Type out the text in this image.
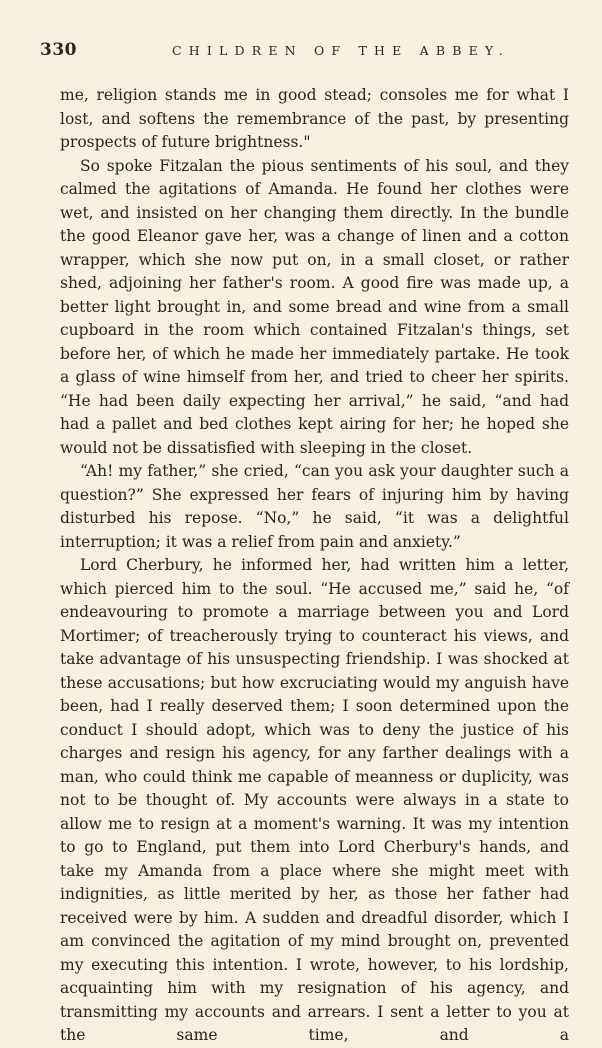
330	CHILDREN OF THE ABBEY.

me, religion stands me in good stead; consoles me for what I lost, and softens the remembrance of the past, by presenting prospects of future brightness."

So spoke Fitzalan the pious sentiments of his soul, and they calmed the agitations of Amanda. He found her clothes were wet, and insisted on her changing them directly. In the bundle the good Eleanor gave her, was a change of linen and a cotton wrapper, which she now put on, in a small closet, or rather shed, adjoining her father's room. A good fire was made up, a better light brought in, and some bread and wine from a small cupboard in the room which contained Fitzalan's things, set before her, of which he made her immediately partake. He took a glass of wine himself from her, and tried to cheer her spirits. “He had been daily expecting her arrival,” he said, “and had had a pallet and bed clothes kept airing for her; he hoped she would not be dissatisfied with sleeping in the closet.

“Ah! my father,” she cried, “can you ask your daughter such a question?” She expressed her fears of injuring him by having disturbed his repose. “No,” he said, “it was a delightful interruption; it was a relief from pain and anxiety.”

Lord Cherbury, he informed her, had written him a letter, which pierced him to the soul. “He accused me,” said he, “of endeavouring to promote a marriage between you and Lord Mortimer; of treacherously trying to counteract his views, and take advantage of his unsuspecting friendship. I was shocked at these accusations; but how excruciating would my anguish have been, had I really deserved them; I soon determined upon the conduct I should adopt, which was to deny the justice of his charges and resign his agency, for any farther dealings with a man, who could think me capable of meanness or duplicity, was not to be thought of. My accounts were always in a state to allow me to resign at a moment's warning. It was my intention to go to England, put them into Lord Cherbury's hands, and take my Amanda from a place where she might meet with indignities, as little merited by her, as those her father had received were by him. A sudden and dreadful disorder, which I am convinced the agitation of my mind brought on, prevented my executing this intention. I wrote, however, to his lordship, acquainting him with my resignation of his agency, and transmitting my accounts and arrears. I sent a letter to you at the same time, and a
